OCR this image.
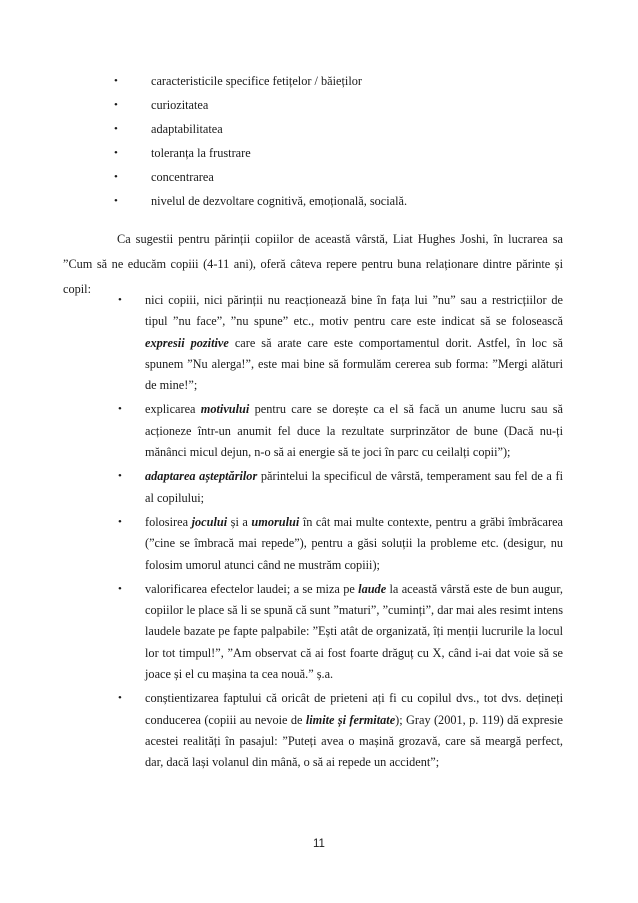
•	caracteristicile specifice fetițelor / băieților
•	curiozitatea
•	adaptabilitatea
•	toleranța la frustrare
•	concentrarea
•	nivelul de dezvoltare cognitivă, emoțională, socială.

Ca sugestii pentru părinții copiilor de această vârstă, Liat Hughes Joshi, în lucrarea sa ”Cum să ne educăm copiii (4-11 ani), oferă câteva repere pentru buna relaționare dintre părinte și copil:

• nici copiii, nici părinții nu reacționează bine în fața lui ”nu” sau a restricțiilor de tipul ”nu face”, ”nu spune” etc., motiv pentru care este indicat să se folosească expresii pozitive care să arate care este comportamentul dorit. Astfel, în loc să spunem ”Nu alerga!”, este mai bine să formulăm cererea sub forma: ”Mergi alături de mine!”;
• explicarea motivului pentru care se dorește ca el să facă un anume lucru sau să acționeze într-un anumit fel duce la rezultate surprinzător de bune (Dacă nu-ți mănânci micul dejun, n-o să ai energie să te joci în parc cu ceilalți copii”);
• adaptarea așteptărilor părintelui la specificul de vârstă, temperament sau fel de a fi al copilului;
• folosirea jocului și a umorului în cât mai multe contexte, pentru a grăbi îmbrăcarea (”cine se îmbracă mai repede”), pentru a găsi soluții la probleme etc. (desigur, nu folosim umorul atunci când ne mustrăm copiii);
• valorificarea efectelor laudei; a se miza pe laude la această vârstă este de bun augur, copiilor le place să li se spună că sunt ”maturi”, ”cuminți”, dar mai ales resimt intens laudele bazate pe fapte palpabile: ”Ești atât de organizată, îți menții lucrurile la locul lor tot timpul!”, ”Am observat că ai fost foarte drăguț cu X, când i-ai dat voie să se joace și el cu mașina ta cea nouă.” ș.a.
• conștientizarea faptului că oricât de prieteni ați fi cu copilul dvs., tot dvs. dețineți conducerea (copiii au nevoie de limite și fermitate); Gray (2001, p. 119) dă expresie acestei realități în pasajul: ”Puteți avea o mașină grozavă, care să meargă perfect, dar, dacă lași volanul din mână, o să ai repede un accident”;
11
